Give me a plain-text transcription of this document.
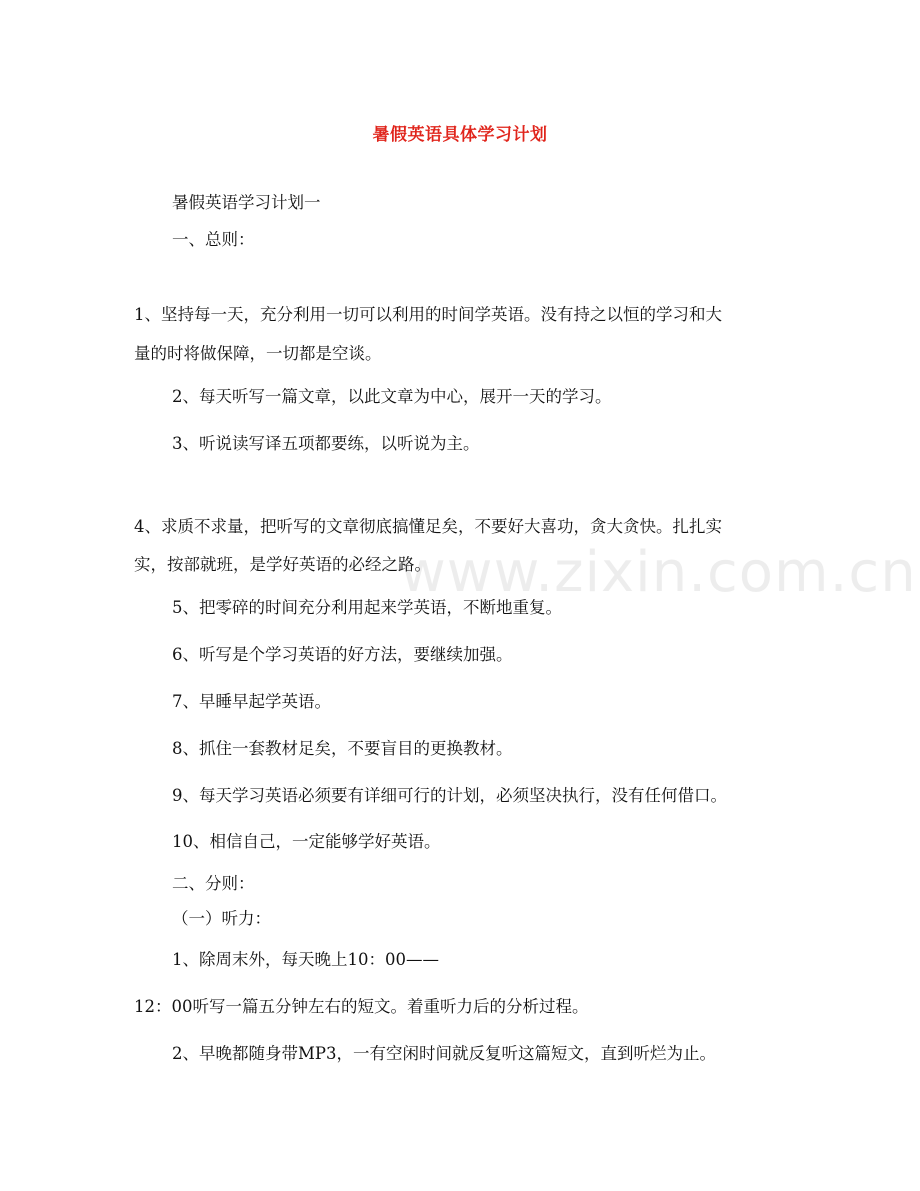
www.zixin.com.cn
暑假英语具体学习计划
暑假英语学习计划一
一、总则：
1、坚持每一天，充分利用一切可以利用的时间学英语。没有持之以恒的学习和大
量的时将做保障，一切都是空谈。
2、每天听写一篇文章，以此文章为中心，展开一天的学习。
3、听说读写译五项都要练，以听说为主。
4、求质不求量，把听写的文章彻底搞懂足矣，不要好大喜功，贪大贪快。扎扎实
实，按部就班，是学好英语的必经之路。
5、把零碎的时间充分利用起来学英语，不断地重复。
6、听写是个学习英语的好方法，要继续加强。
7、早睡早起学英语。
8、抓住一套教材足矣，不要盲目的更换教材。
9、每天学习英语必须要有详细可行的计划，必须坚决执行，没有任何借口。
10、相信自己，一定能够学好英语。
二、分则：
（一）听力：
1、除周末外，每天晚上10：00——
12：00听写一篇五分钟左右的短文。着重听力后的分析过程。
2、早晚都随身带MP3，一有空闲时间就反复听这篇短文，直到听烂为止。
